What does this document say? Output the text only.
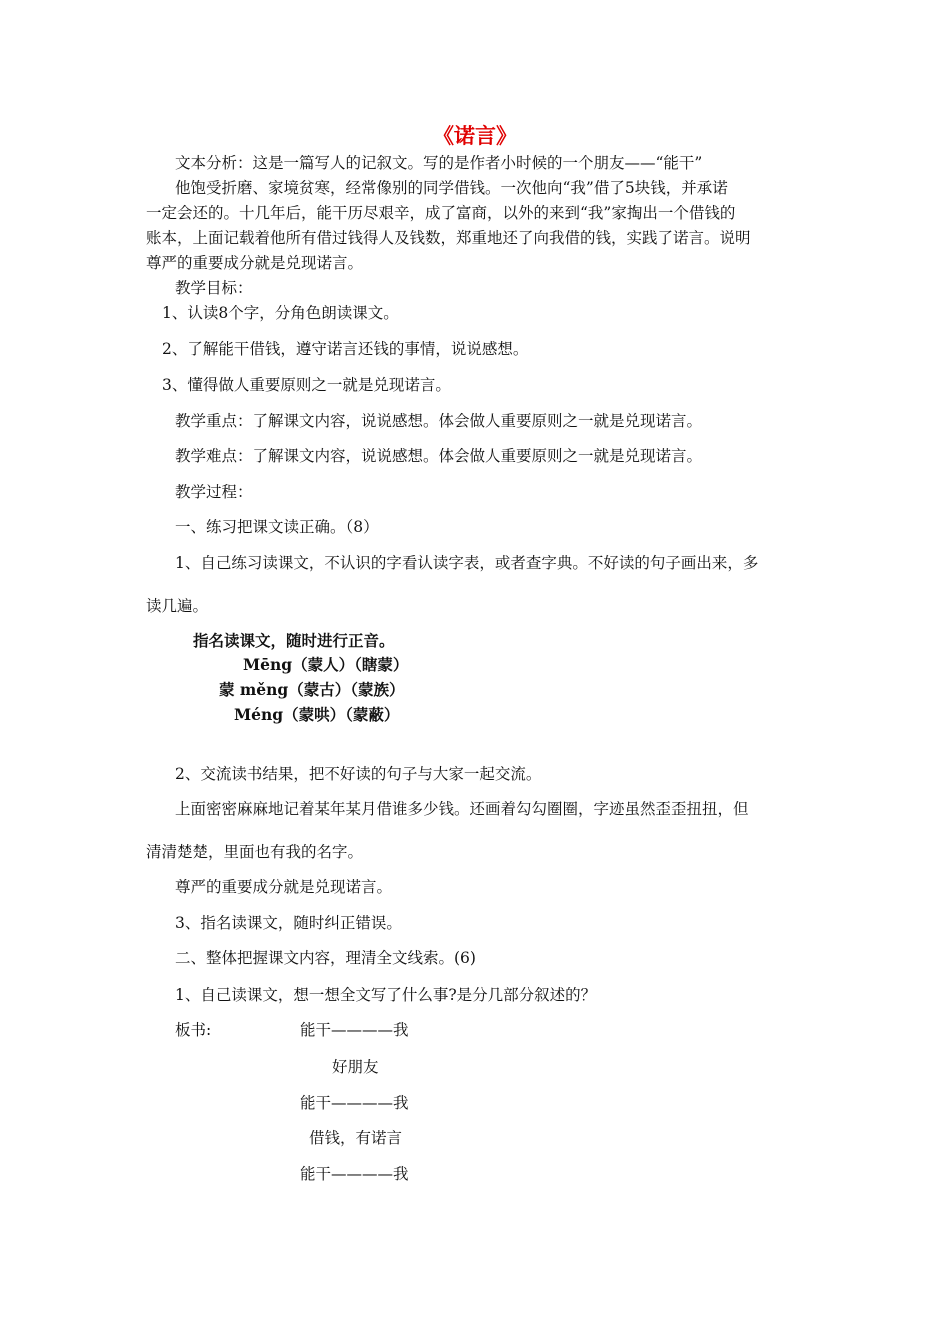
《诺言》

文本分析：这是一篇写人的记叙文。写的是作者小时候的一个朋友——“能干”

他饱受折磨、家境贫寒，经常像别的同学借钱。一次他向“我”借了5块钱，并承诺

一定会还的。十几年后，能干历尽艰辛，成了富商，以外的来到“我”家掏出一个借钱的

账本，上面记载着他所有借过钱得人及钱数，郑重地还了向我借的钱，实践了诺言。说明

尊严的重要成分就是兑现诺言。

教学目标：

1、认读8个字，分角色朗读课文。

2、了解能干借钱，遵守诺言还钱的事情，说说感想。

3、懂得做人重要原则之一就是兑现诺言。

教学重点：了解课文内容，说说感想。体会做人重要原则之一就是兑现诺言。

教学难点：了解课文内容，说说感想。体会做人重要原则之一就是兑现诺言。

教学过程：

一、练习把课文读正确。（8）

1、自己练习读课文，不认识的字看认读字表，或者查字典。不好读的句子画出来，多

读几遍。

指名读课文，随时进行正音。

Mēng（蒙人）（瞎蒙）

蒙 měng（蒙古）（蒙族）

Méng（蒙哄）（蒙蔽）

2、交流读书结果，把不好读的句子与大家一起交流。

上面密密麻麻地记着某年某月借谁多少钱。还画着勾勾圈圈，字迹虽然歪歪扭扭，但

清清楚楚，里面也有我的名字。

尊严的重要成分就是兑现诺言。

3、指名读课文，随时纠正错误。

二、整体把握课文内容，理清全文线索。(6)

1、自己读课文，想一想全文写了什么事?是分几部分叙述的？

板书:	能干————我

好朋友

能干————我

借钱，有诺言

能干————我
